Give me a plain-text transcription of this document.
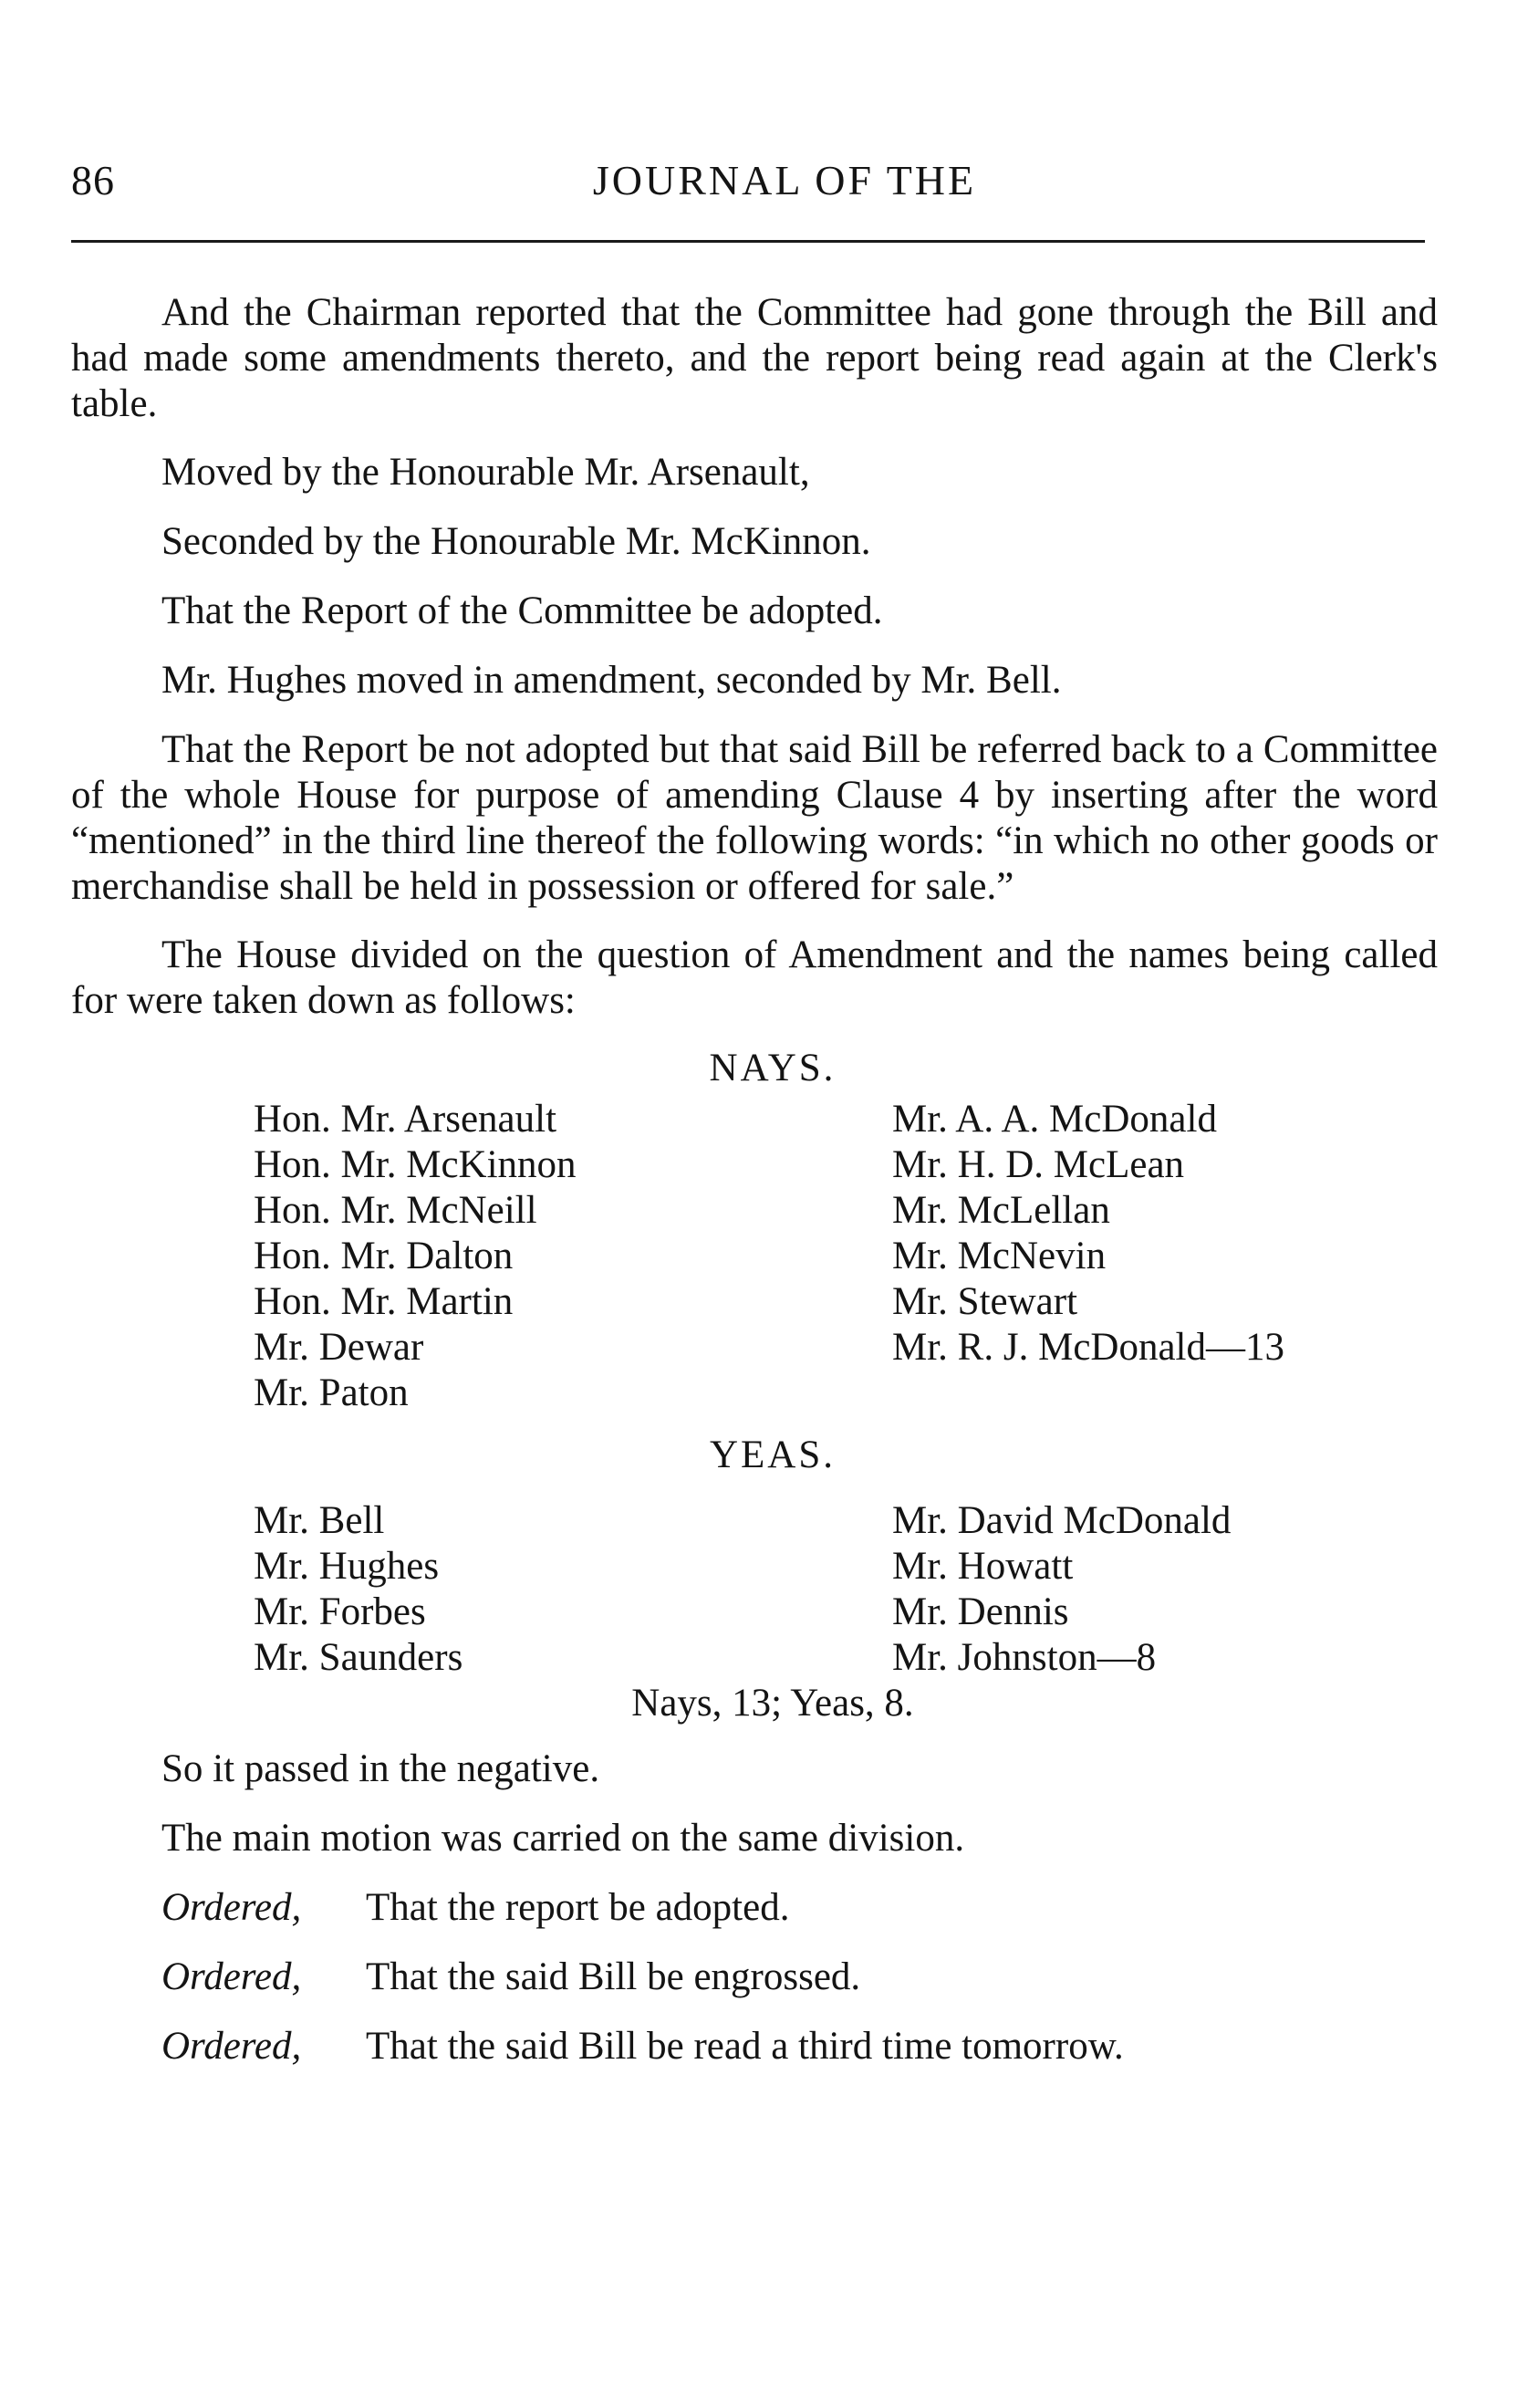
86	JOURNAL OF THE

And the Chairman reported that the Committee had gone through the Bill and had made some amendments thereto, and the report being read again at the Clerk's table.

Moved by the Honourable Mr. Arsenault,

Seconded by the Honourable Mr. McKinnon.

That the Report of the Committee be adopted.

Mr. Hughes moved in amendment, seconded by Mr. Bell.

That the Report be not adopted but that said Bill be referred back to a Committee of the whole House for purpose of amending Clause 4 by inserting after the word “mentioned” in the third line thereof the following words: “in which no other goods or merchandise shall be held in possession or offered for sale.”

The House divided on the question of Amendment and the names being called for were taken down as follows:

NAYS.
Hon. Mr. Arsenault
Hon. Mr. McKinnon
Hon. Mr. McNeill
Hon. Mr. Dalton
Hon. Mr. Martin
Mr. Dewar
Mr. Paton
Mr. A. A. McDonald
Mr. H. D. McLean
Mr. McLellan
Mr. McNevin
Mr. Stewart
Mr. R. J. McDonald—13
YEAS.
Mr. Bell
Mr. Hughes
Mr. Forbes
Mr. Saunders
Mr. David McDonald
Mr. Howatt
Mr. Dennis
Mr. Johnston—8
Nays, 13; Yeas, 8.

So it passed in the negative.

The main motion was carried on the same division.

Ordered, That the report be adopted.
Ordered, That the said Bill be engrossed.
Ordered, That the said Bill be read a third time tomorrow.
